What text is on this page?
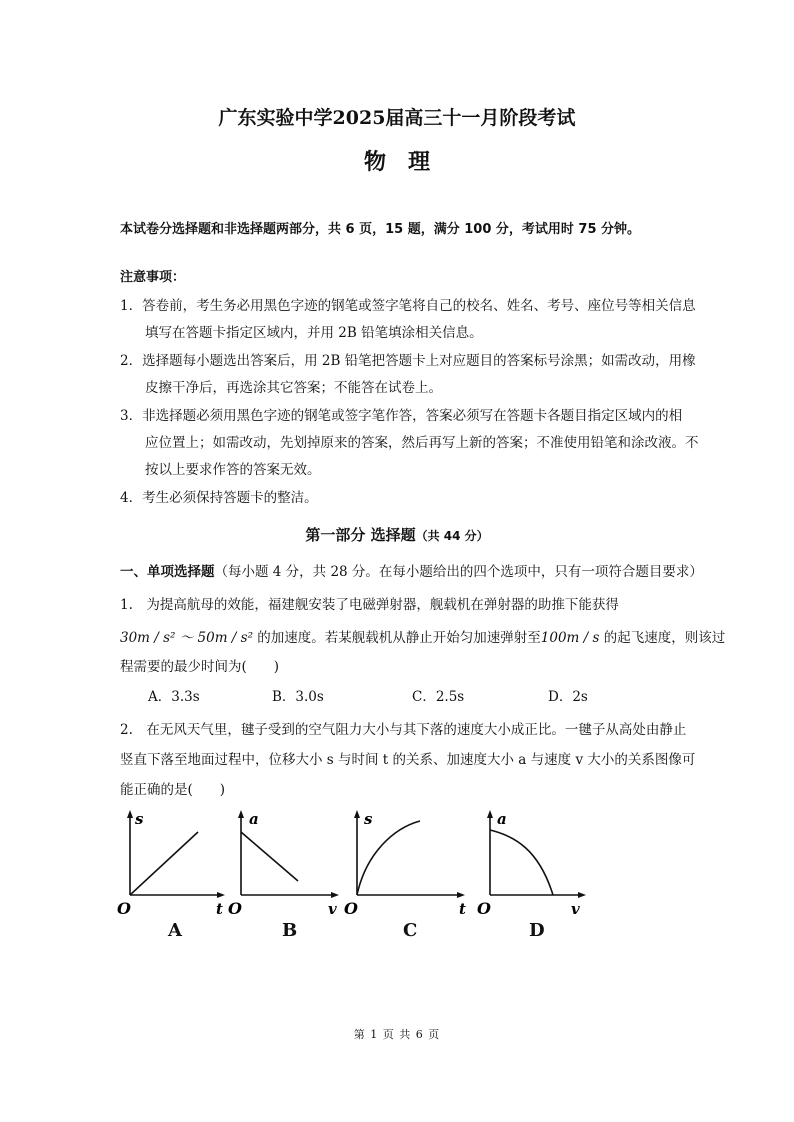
广东实验中学2025届高三十一月阶段考试
物理
本试卷分选择题和非选择题两部分，共 6 页，15 题，满分 100 分，考试用时 75 分钟。
注意事项：
1．答卷前，考生务必用黑色字迹的钢笔或签字笔将自己的校名、姓名、考号、座位号等相关信息
填写在答题卡指定区域内，并用 2B 铅笔填涂相关信息。
2．选择题每小题选出答案后，用 2B 铅笔把答题卡上对应题目的答案标号涂黑；如需改动，用橡
皮擦干净后，再选涂其它答案；不能答在试卷上。
3．非选择题必须用黑色字迹的钢笔或签字笔作答，答案必须写在答题卡各题目指定区域内的相
应位置上；如需改动，先划掉原来的答案，然后再写上新的答案；不准使用铅笔和涂改液。不
按以上要求作答的答案无效。
4．考生必须保持答题卡的整洁。
第一部分 选择题（共 44 分）
一、单项选择题（每小题 4 分，共 28 分。在每小题给出的四个选项中，只有一项符合题目要求）
1.　为提高航母的效能，福建舰安装了电磁弹射器，舰载机在弹射器的助推下能获得
30m / s² ～ 50m / s² 的加速度。若某舰载机从静止开始匀加速弹射至100m / s 的起飞速度，则该过
程需要的最少时间为(　　)
A．3.3s	B．3.0s	C．2.5s	D．2s
2.　在无风天气里，毽子受到的空气阻力大小与其下落的速度大小成正比。一毽子从高处由静止
竖直下落至地面过程中，位移大小 s 与时间 t 的关系、加速度大小 a 与速度 v 大小的关系图像可
能正确的是(　　)
s
t
O
a
v
O
s
t
O
a
v
O
A	B	C	D
第 1 页 共 6 页
